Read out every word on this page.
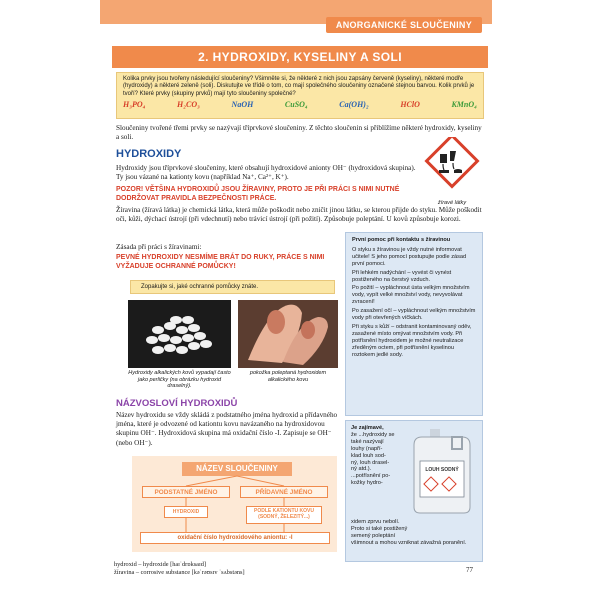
ANORGANICKÉ SLOUČENINY
2. HYDROXIDY, KYSELINY A SOLI
Kolika prvky jsou tvořeny následující sloučeniny? Všimněte si, že některé z nich jsou zapsány červeně (kyseliny), některé modře (hydroxidy) a některé zeleně (soli). Diskutujte ve třídě o tom, co mají společného sloučeniny označené stejnou barvou. Kolik prvků je tvoří? Které prvky (skupiny prvků) mají tyto sloučeniny společné?
H₃PO₄	H₂CO₃	NaOH	CuSO₄	Ca(OH)₂	HClO	KMnO₄
Sloučeniny tvořené třemi prvky se nazývají tříprvkové sloučeniny. Z těchto sloučenin si přiblížíme některé hydroxidy, kyseliny a soli.
HYDROXIDY
Hydroxidy jsou tříprvkové sloučeniny, které obsahují hydroxidové anionty OH⁻ (hydroxidová skupina). Ty jsou vázané na kationty kovu (například Na⁺, Ca²⁺, K⁺).
POZOR! VĚTŠINA HYDROXIDŮ JSOU ŽÍRAVINY, PROTO JE PŘI PRÁCI S NIMI NUTNÉ DODRŽOVAT PRAVIDLA BEZPEČNOSTI PRÁCE.
Žíravina (žíravá látka) je chemická látka, která může poškodit nebo zničit jinou látku, se kterou přijde do styku. Může poškodit oči, kůži, dýchací ústrojí (při vdechnutí) nebo trávicí ústrojí (při požití). Způsobuje poleptání. U kovů způsobuje korozi.
Zásada při práci s žíravinami:
PEVNÉ HYDROXIDY NESMÍME BRÁT DO RUKY, PRÁCE S NIMI VYŽADUJE OCHRANNÉ POMŮCKY!
žíravé látky
Zopakujte si, jaké ochranné pomůcky znáte.
Hydroxidy alkalických kovů vypadají často jako perličky (na obrázku hydroxid draselný).
pokožka poleptaná hydroxidem alkalického kovu
NÁZVOSLOVÍ HYDROXIDŮ
Název hydroxidu se vždy skládá z podstatného jména hydroxid a přídavného jména, které je odvozené od kationtu kovu navázaného na hydroxidovou skupinu OH⁻. Hydroxidová skupina má oxidační číslo -I. Zapisuje se OH⁻ (nebo OH⁻).
NÁZEV SLOUČENINY
PODSTATNÉ JMÉNO	PŘÍDAVNÉ JMÉNO
HYDROXID	PODLE KATIONTU KOVU (SODNÝ, ŽELEZITÝ...)
oxidační číslo hydroxidového aniontu: -I
První pomoc při kontaktu s žíravinou
O styku s žíravinou je vždy nutné informovat učitele! S jeho pomocí postupujte podle zásad první pomoci.
Při lehkém nadýchání – vyvést či vynést postiženého na čerstvý vzduch.
Po požití – vypláchnout ústa velkým množstvím vody, vypít velké množství vody, nevyvolávat zvracení!
Po zasažení očí – vypláchnout velkým množstvím vody při otevřených víčkách.
Při styku s kůží – odstranit kontaminovaný oděv, zasažené místo omývat množstvím vody. Při potřísnění hydroxidem je možné neutralizace zředěným octem, při potřísnění kyselinou roztokem jedlé sody.
Je zajímavé,
že ...hydroxidy se
také nazývají
louhy (napří-
klad louh sod-
ný, louh drasel-
ný atd.).
...potřísnění po-
kožky hydro-
xidem zprvu nebolí.
Proto si také postižený
semený poleptání
všimnout a mohou vzniknat závažná poranění.
LOUH SODNÝ
hydroxid – hydroxide [haɪˈdrɒksaɪd]
žíravina – corrosive substance [kəˈrəʊsɪv ˈsʌbstəns]	77
